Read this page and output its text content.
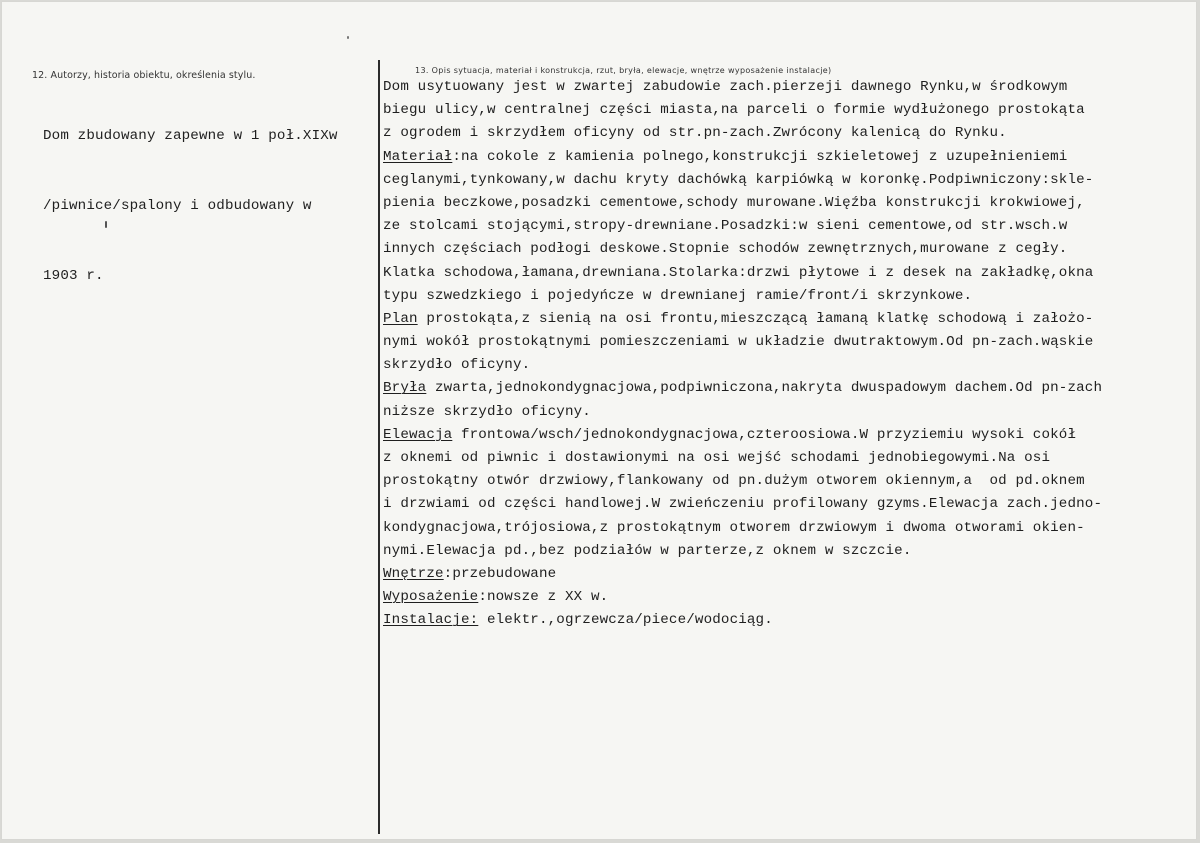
12. Autorzy, historia obiektu, określenia stylu.	13. Opis sytuacja, materiał i konstrukcja, rzut, bryła, elewacje, wnętrze wyposażenie instalacje)

Dom zbudowany zapewne w 1 poł.XIXw

/piwnice/spalony i odbudowany w

1903 r.

Dom usytuowany jest w zwartej zabudowie zach.pierzeji dawnego Rynku,w środkowym
biegu ulicy,w centralnej części miasta,na parceli o formie wydłużonego prostokąta
z ogrodem i skrzydłem oficyny od str.pn-zach.Zwrócony kalenicą do Rynku.
Materiał:na cokole z kamienia polnego,konstrukcji szkieletowej z uzupełnieniemi
ceglanymi,tynkowany,w dachu kryty dachówką karpiówką w koronkę.Podpiwniczony:skle-
pienia beczkowe,posadzki cementowe,schody murowane.Więźba konstrukcji krokwiowej,
ze stolcami stojącymi,stropy-drewniane.Posadzki:w sieni cementowe,od str.wsch.w
innych częściach podłogi deskowe.Stopnie schodów zewnętrznych,murowane z cegły.
Klatka schodowa,łamana,drewniana.Stolarka:drzwi płytowe i z desek na zakładkę,okna
typu szwedzkiego i pojedyńcze w drewnianej ramie/front/i skrzynkowe.
Plan prostokąta,z sienią na osi frontu,mieszczącą łamaną klatkę schodową i założo-
nymi wokół prostokątnymi pomieszczeniami w układzie dwutraktowym.Od pn-zach.wąskie
skrzydło oficyny.
Bryła zwarta,jednokondygnacjowa,podpiwniczona,nakryta dwuspadowym dachem.Od pn-zach
niższe skrzydło oficyny.
Elewacja frontowa/wsch/jednokondygnacjowa,czteroosiowa.W przyziemiu wysoki cokół
z oknemi od piwnic i dostawionymi na osi wejść schodami jednobiegowymi.Na osi
prostokątny otwór drzwiowy,flankowany od pn.dużym otworem okiennym,a  od pd.oknem
i drzwiami od części handlowej.W zwieńczeniu profilowany gzyms.Elewacja zach.jedno-
kondygnacjowa,trójosiowa,z prostokątnym otworem drzwiowym i dwoma otworami okien-
nymi.Elewacja pd.,bez podziałów w parterze,z oknem w szczcie.
Wnętrze:przebudowane
Wyposażenie:nowsze z XX w.
Instalacje: elektr.,ogrzewcza/piece/wodociąg.
